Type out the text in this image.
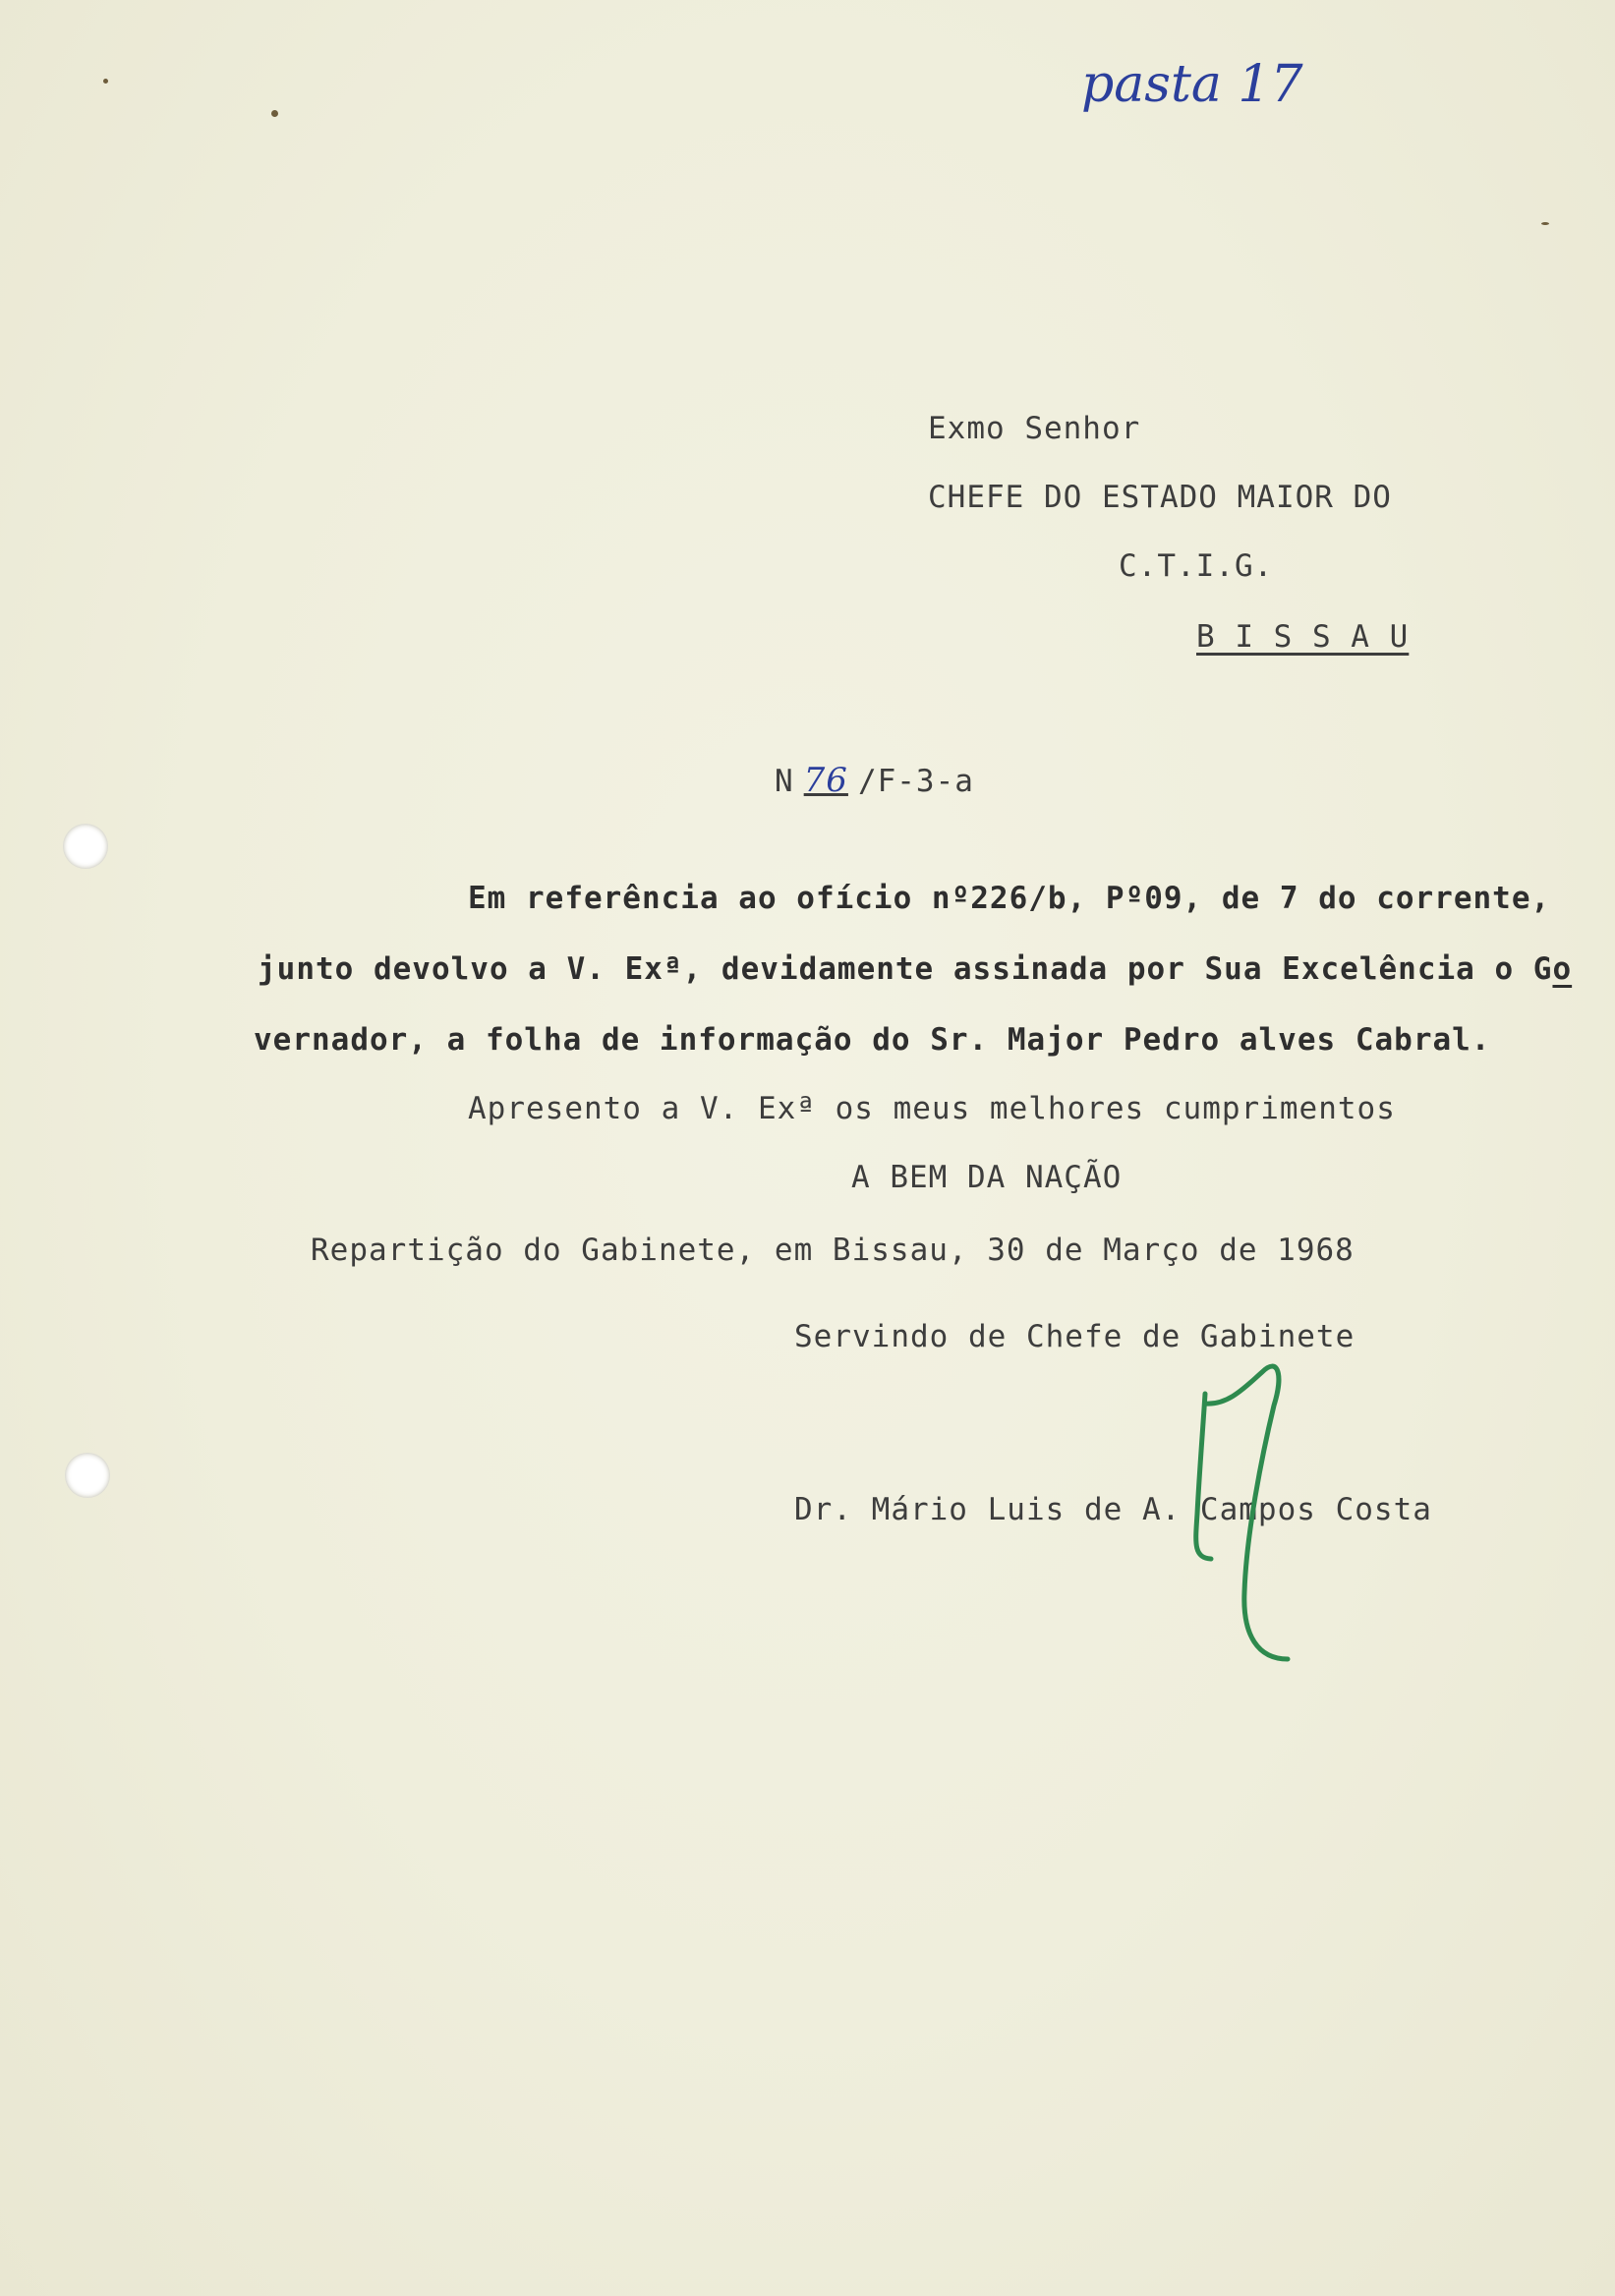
pasta 17
Exmo Senhor
CHEFE DO ESTADO MAIOR DO
C.T.I.G.
B I S S A U
N 76 /F-3-a
Em referência ao ofício nº226/b, Pº09, de 7 do corrente,
junto devolvo a V. Exª, devidamente assinada por Sua Excelência o Go
vernador, a folha de informação do Sr. Major Pedro alves Cabral.
Apresento a V. Exª os meus melhores cumprimentos
A BEM DA NAÇÃO
Repartição do Gabinete, em Bissau, 30 de Março de 1968
Servindo de Chefe de Gabinete
Dr. Mário Luis de A. Campos Costa
